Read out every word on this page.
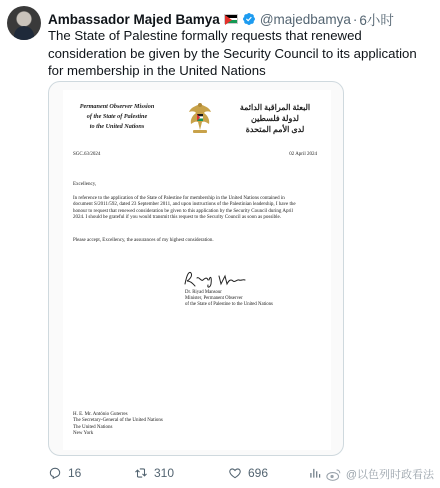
Ambassador Majed Bamya	@majedbamya · 6小时
The State of Palestine formally requests that renewed consideration be given by the Security Council to its application for membership in the United Nations
Permanent Observer Mission
of the State of Palestine
to the United Nations
البعثة المراقبة الدائمة
لدولة فلسطين
لدى الأمم المتحدة
SGC.63/2024	02 April 2024
Excellency,
In reference to the application of the State of Palestine for membership in the United Nations contained in document S/2011/592, dated 23 September 2011, and upon instructions of the Palestinian leadership, I have the honour to request that renewed consideration be given to this application by the Security Council during April 2024. I should be grateful if you would transmit this request to the Security Council as soon as possible.
Please accept, Excellency, the assurances of my highest consideration.
Dr. Riyad Mansour
Minister, Permanent Observer
of the State of Palestine to the United Nations
H. E. Mr. António Guterres
The Secretary-General of the United Nations
The United Nations
New York
16	310	696	@以色列时政看法
